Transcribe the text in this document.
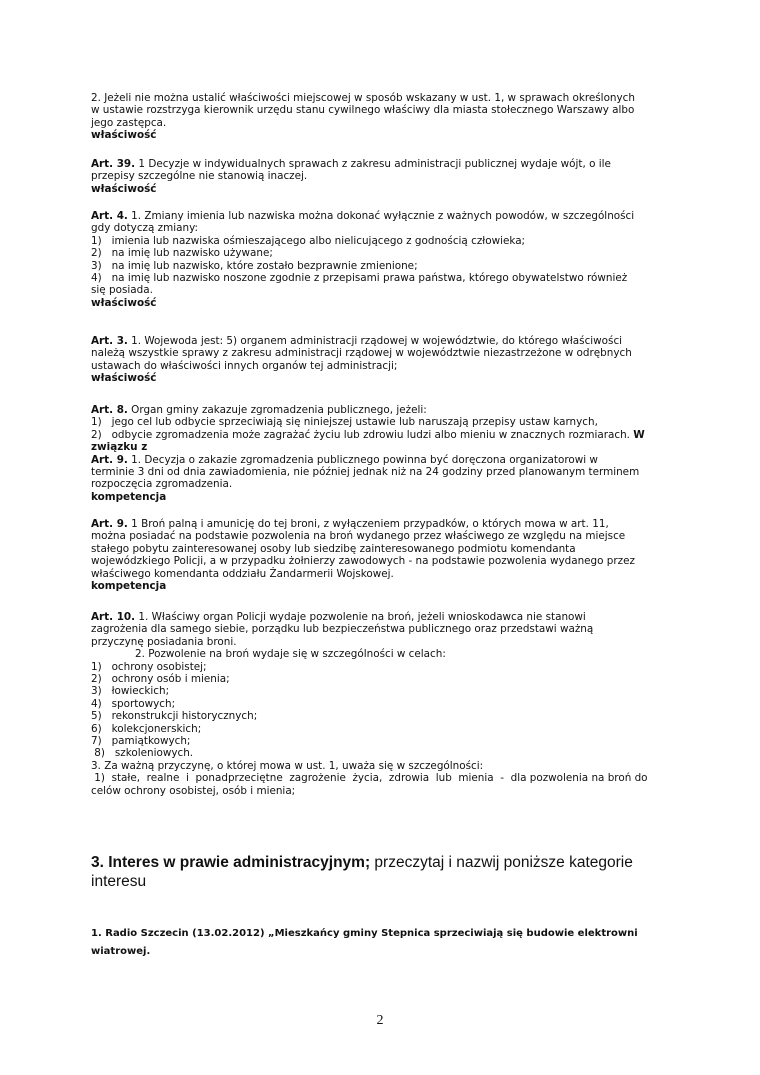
2. Jeżeli nie można ustalić właściwości miejscowej w sposób wskazany w ust. 1, w sprawach określonych

w ustawie rozstrzyga kierownik urzędu stanu cywilnego właściwy dla miasta stołecznego Warszawy albo

jego zastępca.

właściwość

Art. 39. 1 Decyzje w indywidualnych sprawach z zakresu administracji publicznej wydaje wójt, o ile

przepisy szczególne nie stanowią inaczej.

właściwość

Art. 4. 1. Zmiany imienia lub nazwiska można dokonać wyłącznie z ważnych powodów, w szczególności

gdy dotyczą zmiany:

1)   imienia lub nazwiska ośmieszającego albo nielicującego z godnością człowieka;

2)   na imię lub nazwisko używane;

3)   na imię lub nazwisko, które zostało bezprawnie zmienione;

4)   na imię lub nazwisko noszone zgodnie z przepisami prawa państwa, którego obywatelstwo również

się posiada.

właściwość

Art. 3. 1. Wojewoda jest: 5) organem administracji rządowej w województwie, do którego właściwości

należą wszystkie sprawy z zakresu administracji rządowej w województwie niezastrzeżone w odrębnych

ustawach do właściwości innych organów tej administracji;

właściwość

Art. 8. Organ gminy zakazuje zgromadzenia publicznego, jeżeli:

1)   jego cel lub odbycie sprzeciwiają się niniejszej ustawie lub naruszają przepisy ustaw karnych,

2)   odbycie zgromadzenia może zagrażać życiu lub zdrowiu ludzi albo mieniu w znacznych rozmiarach. W

związku z

Art. 9. 1. Decyzja o zakazie zgromadzenia publicznego powinna być doręczona organizatorowi w

terminie 3 dni od dnia zawiadomienia, nie później jednak niż na 24 godziny przed planowanym terminem

rozpoczęcia zgromadzenia.

kompetencja

Art. 9. 1 Broń palną i amunicję do tej broni, z wyłączeniem przypadków, o których mowa w art. 11,

można posiadać na podstawie pozwolenia na broń wydanego przez właściwego ze względu na miejsce

stałego pobytu zainteresowanej osoby lub siedzibę zainteresowanego podmiotu komendanta

wojewódzkiego Policji, a w przypadku żołnierzy zawodowych - na podstawie pozwolenia wydanego przez

właściwego komendanta oddziału Żandarmerii Wojskowej.

kompetencja

Art. 10. 1. Właściwy organ Policji wydaje pozwolenie na broń, jeżeli wnioskodawca nie stanowi

zagrożenia dla samego siebie, porządku lub bezpieczeństwa publicznego oraz przedstawi ważną

przyczynę posiadania broni.

2. Pozwolenie na broń wydaje się w szczególności w celach:

1)   ochrony osobistej;

2)   ochrony osób i mienia;

3)   łowieckich;

4)   sportowych;

5)   rekonstrukcji historycznych;

6)   kolekcjonerskich;

7)   pamiątkowych;

8)   szkoleniowych.

3. Za ważną przyczynę, o której mowa w ust. 1, uważa się w szczególności:

1)  stałe,  realne  i  ponadprzeciętne  zagrożenie  życia,  zdrowia  lub  mienia  -  dla pozwolenia na broń do

celów ochrony osobistej, osób i mienia;

3. Interes w prawie administracyjnym; przeczytaj i nazwij poniższe kategorie
interesu
1. Radio Szczecin (13.02.2012) „Mieszkańcy gminy Stepnica sprzeciwiają się budowie elektrowni
wiatrowej.
2
